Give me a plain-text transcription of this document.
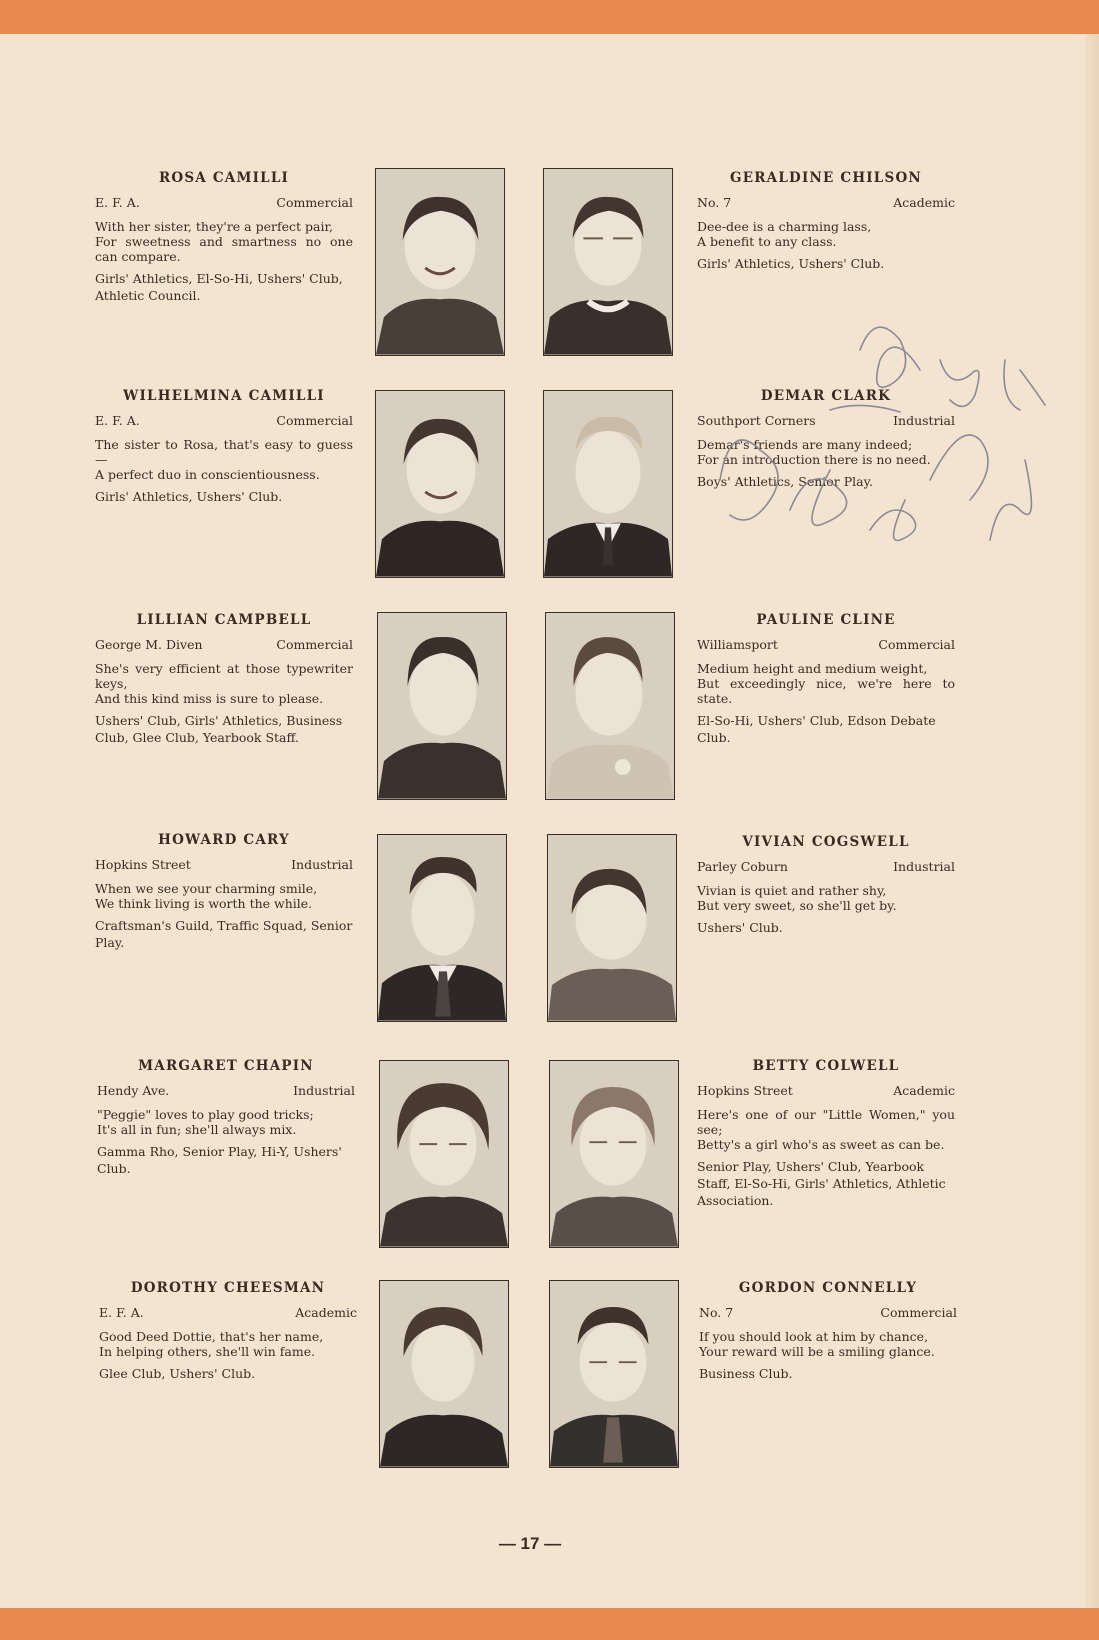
ROSA CAMILLI
E. F. A.	Commercial
With her sister, they're a perfect pair,
For sweetness and smartness no one can compare.
Girls' Athletics, El-So-Hi, Ushers' Club, Athletic Council.
GERALDINE CHILSON
No. 7	Academic
Dee-dee is a charming lass,
A benefit to any class.
Girls' Athletics, Ushers' Club.
WILHELMINA CAMILLI
E. F. A.	Commercial
The sister to Rosa, that's easy to guess—
A perfect duo in conscientiousness.
Girls' Athletics, Ushers' Club.
DEMAR CLARK
Southport Corners	Industrial
Demar's friends are many indeed;
For an introduction there is no need.
Boys' Athletics, Senior Play.
LILLIAN CAMPBELL
George M. Diven	Commercial
She's very efficient at those typewriter keys,
And this kind miss is sure to please.
Ushers' Club, Girls' Athletics, Business Club, Glee Club, Yearbook Staff.
PAULINE CLINE
Williamsport	Commercial
Medium height and medium weight,
But exceedingly nice, we're here to state.
El-So-Hi, Ushers' Club, Edson Debate Club.
HOWARD CARY
Hopkins Street	Industrial
When we see your charming smile,
We think living is worth the while.
Craftsman's Guild, Traffic Squad, Senior Play.
VIVIAN COGSWELL
Parley Coburn	Industrial
Vivian is quiet and rather shy,
But very sweet, so she'll get by.
Ushers' Club.
MARGARET CHAPIN
Hendy Ave.	Industrial
"Peggie" loves to play good tricks;
It's all in fun; she'll always mix.
Gamma Rho, Senior Play, Hi-Y, Ushers' Club.
BETTY COLWELL
Hopkins Street	Academic
Here's one of our "Little Women," you see;
Betty's a girl who's as sweet as can be.
Senior Play, Ushers' Club, Yearbook Staff, El-So-Hi, Girls' Athletics, Athletic Association.
DOROTHY CHEESMAN
E. F. A.	Academic
Good Deed Dottie, that's her name,
In helping others, she'll win fame.
Glee Club, Ushers' Club.
GORDON CONNELLY
No. 7	Commercial
If you should look at him by chance,
Your reward will be a smiling glance.
Business Club.
— 17 —
